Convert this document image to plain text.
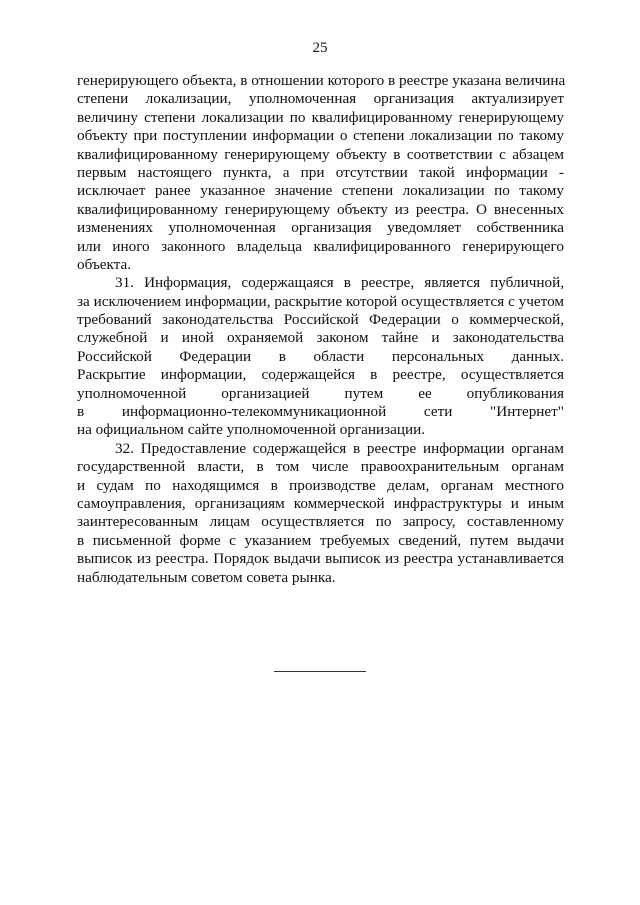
25
генерирующего объекта, в отношении которого в реестре указана величина
степени локализации, уполномоченная организация актуализирует
величину степени локализации по квалифицированному генерирующему
объекту при поступлении информации о степени локализации по такому
квалифицированному генерирующему объекту в соответствии с абзацем
первым настоящего пункта, а при отсутствии такой информации -
исключает ранее указанное значение степени локализации по такому
квалифицированному генерирующему объекту из реестра. О внесенных
изменениях уполномоченная организация уведомляет собственника
или иного законного владельца квалифицированного генерирующего
объекта.
31. Информация, содержащаяся в реестре, является публичной,
за исключением информации, раскрытие которой осуществляется с учетом
требований законодательства Российской Федерации о коммерческой,
служебной и иной охраняемой законом тайне и законодательства
Российской Федерации в области персональных данных.
Раскрытие информации, содержащейся в реестре, осуществляется
уполномоченной организацией путем ее опубликования
в информационно-телекоммуникационной сети "Интернет"
на официальном сайте уполномоченной организации.
32. Предоставление содержащейся в реестре информации органам
государственной власти, в том числе правоохранительным органам
и судам по находящимся в производстве делам, органам местного
самоуправления, организациям коммерческой инфраструктуры и иным
заинтересованным лицам осуществляется по запросу, составленному
в письменной форме с указанием требуемых сведений, путем выдачи
выписок из реестра. Порядок выдачи выписок из реестра устанавливается
наблюдательным советом совета рынка.
